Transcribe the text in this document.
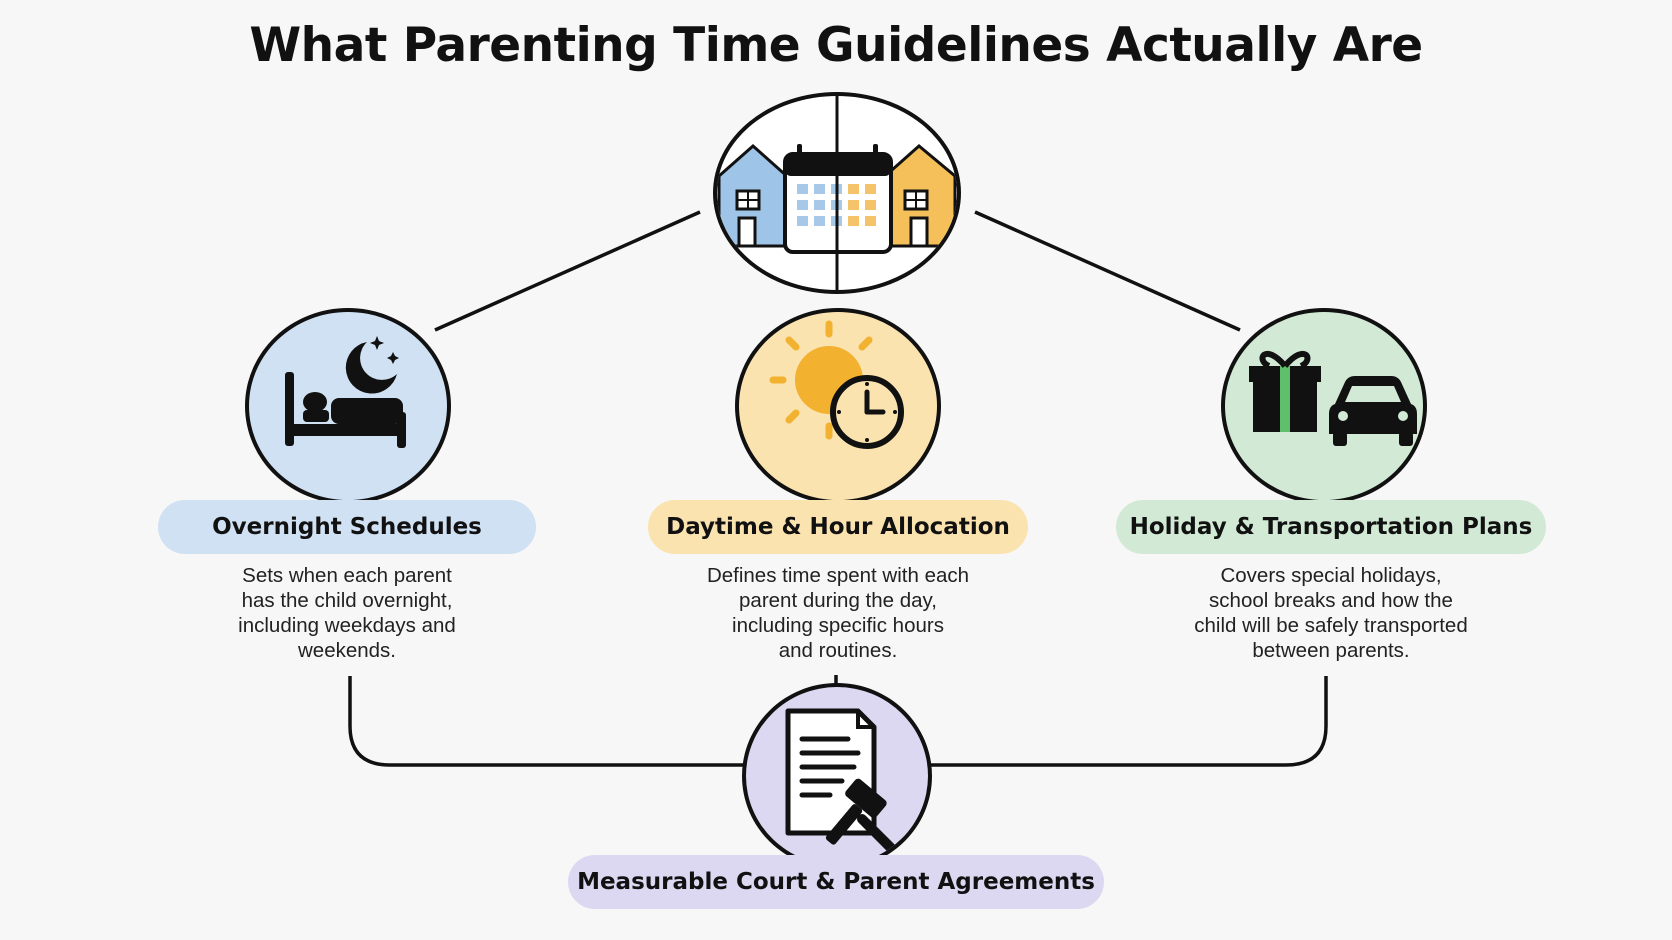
What Parenting Time Guidelines Actually Are
Overnight Schedules	Daytime & Hour Allocation	Holiday & Transportation Plans
Sets when each parent
has the child overnight,
including weekdays and
weekends.
Defines time spent with each
parent during the day,
including specific hours
and routines.
Covers special holidays,
school breaks and how the
child will be safely transported
between parents.
Measurable Court & Parent Agreements
